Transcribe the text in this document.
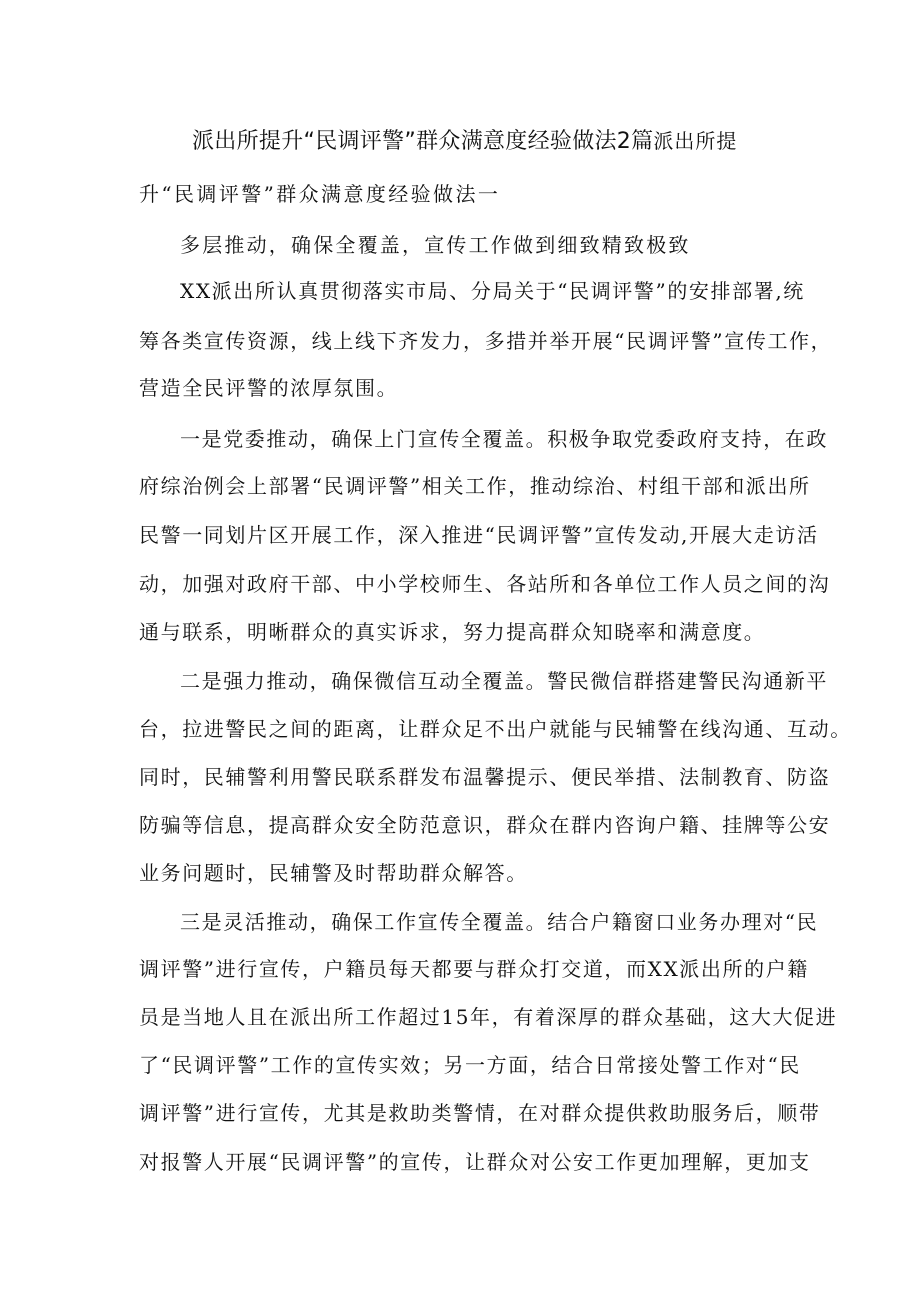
派出所提升“民调评警”群众满意度经验做法2篇派出所提
升“民调评警”群众满意度经验做法一
多层推动，确保全覆盖，宣传工作做到细致精致极致
XX派出所认真贯彻落实市局、分局关于“民调评警”的安排部署,统
筹各类宣传资源，线上线下齐发力，多措并举开展“民调评警”宣传工作，
营造全民评警的浓厚氛围。
一是党委推动，确保上门宣传全覆盖。积极争取党委政府支持，在政
府综治例会上部署“民调评警”相关工作，推动综治、村组干部和派出所
民警一同划片区开展工作，深入推进“民调评警”宣传发动,开展大走访活
动，加强对政府干部、中小学校师生、各站所和各单位工作人员之间的沟
通与联系，明晰群众的真实诉求，努力提高群众知晓率和满意度。
二是强力推动，确保微信互动全覆盖。警民微信群搭建警民沟通新平
台，拉进警民之间的距离，让群众足不出户就能与民辅警在线沟通、互动。
同时，民辅警利用警民联系群发布温馨提示、便民举措、法制教育、防盗
防骗等信息，提高群众安全防范意识，群众在群内咨询户籍、挂牌等公安
业务问题时，民辅警及时帮助群众解答。
三是灵活推动，确保工作宣传全覆盖。结合户籍窗口业务办理对“民
调评警”进行宣传，户籍员每天都要与群众打交道，而XX派出所的户籍
员是当地人且在派出所工作超过15年，有着深厚的群众基础，这大大促进
了“民调评警”工作的宣传实效；另一方面，结合日常接处警工作对“民
调评警”进行宣传，尤其是救助类警情，在对群众提供救助服务后，顺带
对报警人开展“民调评警”的宣传，让群众对公安工作更加理解，更加支
